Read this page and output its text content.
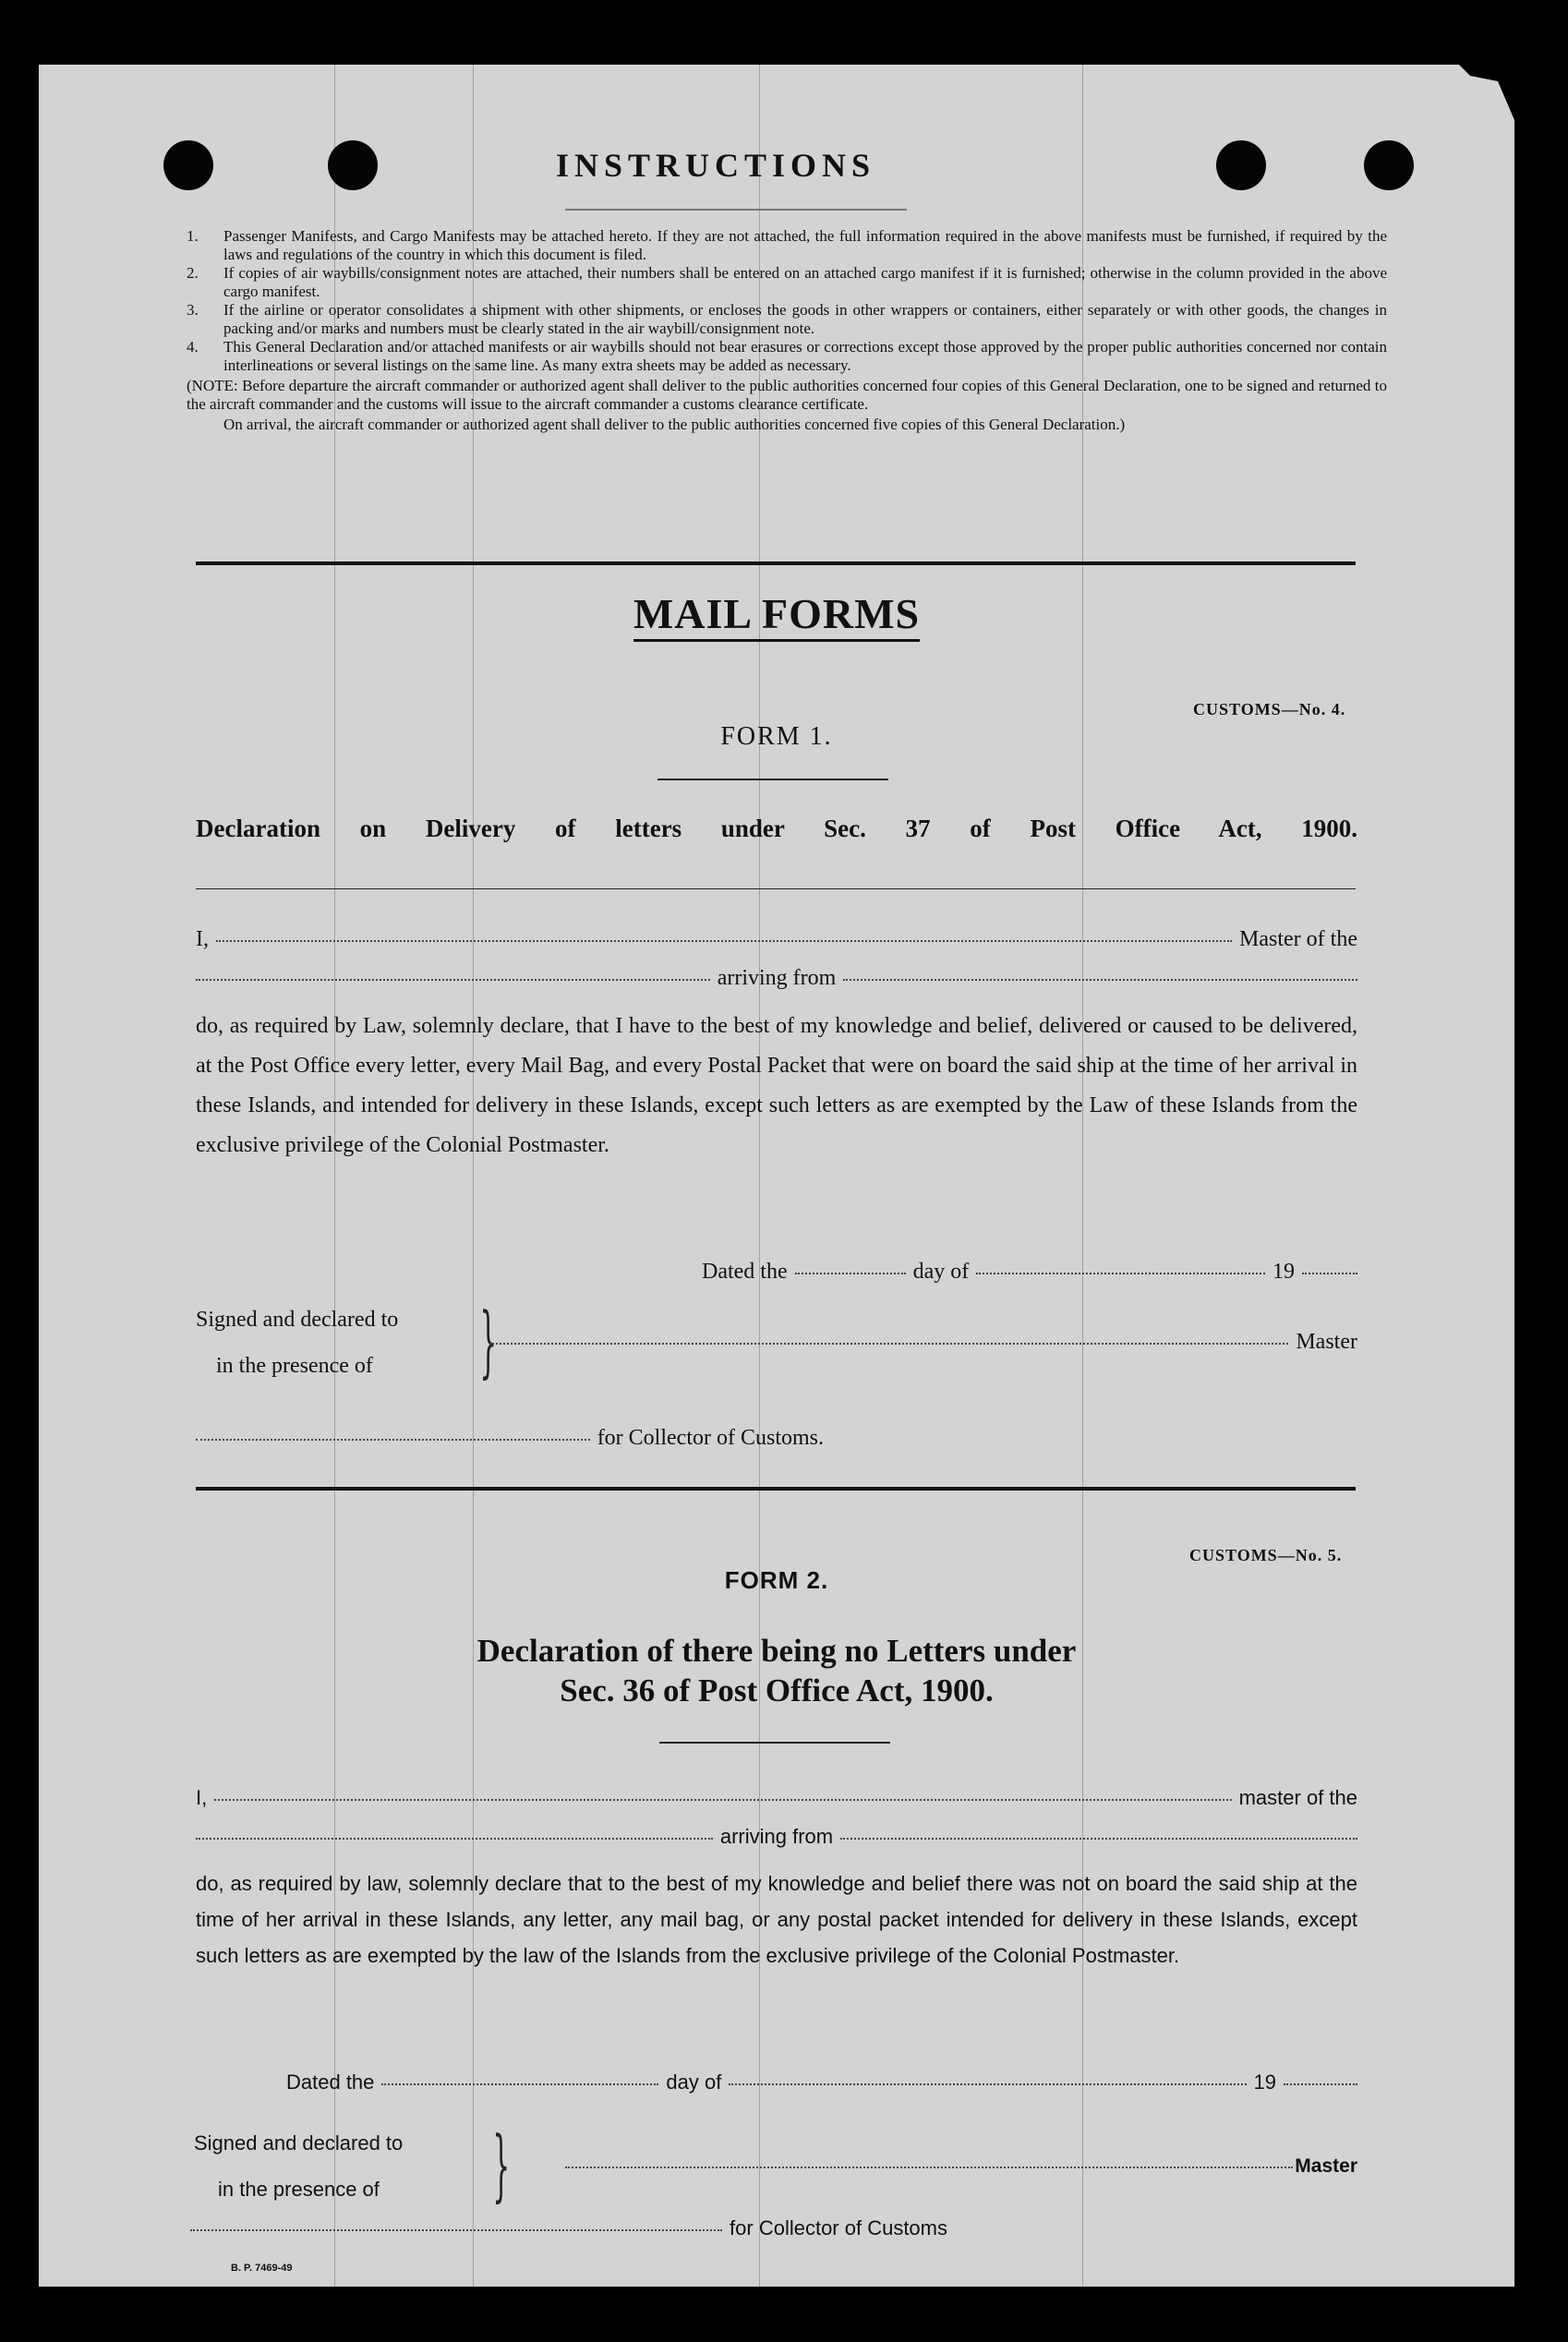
INSTRUCTIONS
1.	Passenger Manifests, and Cargo Manifests may be attached hereto. If they are not attached, the full information required in the above manifests must be furnished, if required by the laws and regulations of the country in which this document is filed.
2.	If copies of air waybills/consignment notes are attached, their numbers shall be entered on an attached cargo manifest if it is furnished; otherwise in the column provided in the above cargo manifest.
3.	If the airline or operator consolidates a shipment with other shipments, or encloses the goods in other wrappers or containers, either separately or with other goods, the changes in packing and/or marks and numbers must be clearly stated in the air waybill/consignment note.
4.	This General Declaration and/or attached manifests or air waybills should not bear erasures or corrections except those approved by the proper public authorities concerned nor contain interlineations or several listings on the same line. As many extra sheets may be added as necessary.
(NOTE: Before departure the aircraft commander or authorized agent shall deliver to the public authorities concerned four copies of this General Declaration, one to be signed and returned to the aircraft commander and the customs will issue to the aircraft commander a customs clearance certificate.
On arrival, the aircraft commander or authorized agent shall deliver to the public authorities concerned five copies of this General Declaration.)
MAIL FORMS
CUSTOMS—No. 4.
FORM 1.
Declaration on Delivery of letters under Sec. 37 of Post Office Act, 1900.
I,	Master of the
arriving from
do, as required by Law, solemnly declare, that I have to the best of my knowledge and belief, delivered or caused to be delivered, at the Post Office every letter, every Mail Bag, and every Postal Packet that were on board the said ship at the time of her arrival in these Islands, and intended for delivery in these Islands, except such letters as are exempted by the Law of these Islands from the exclusive privilege of the Colonial Postmaster.
Dated the	day of	19
Signed and declared to
in the presence of }	Master
for Collector of Customs.
CUSTOMS—No. 5.
FORM 2.
Declaration of there being no Letters under
Sec. 36 of Post Office Act, 1900.
I,	master of the
arriving from
do, as required by law, solemnly declare that to the best of my knowledge and belief there was not on board the said ship at the time of her arrival in these Islands, any letter, any mail bag, or any postal packet intended for delivery in these Islands, except such letters as are exempted by the law of the Islands from the exclusive privilege of the Colonial Postmaster.
Dated the	day of	19
Signed and declared to
in the presence of }	Master
for Collector of Customs
B. P. 7469-49
